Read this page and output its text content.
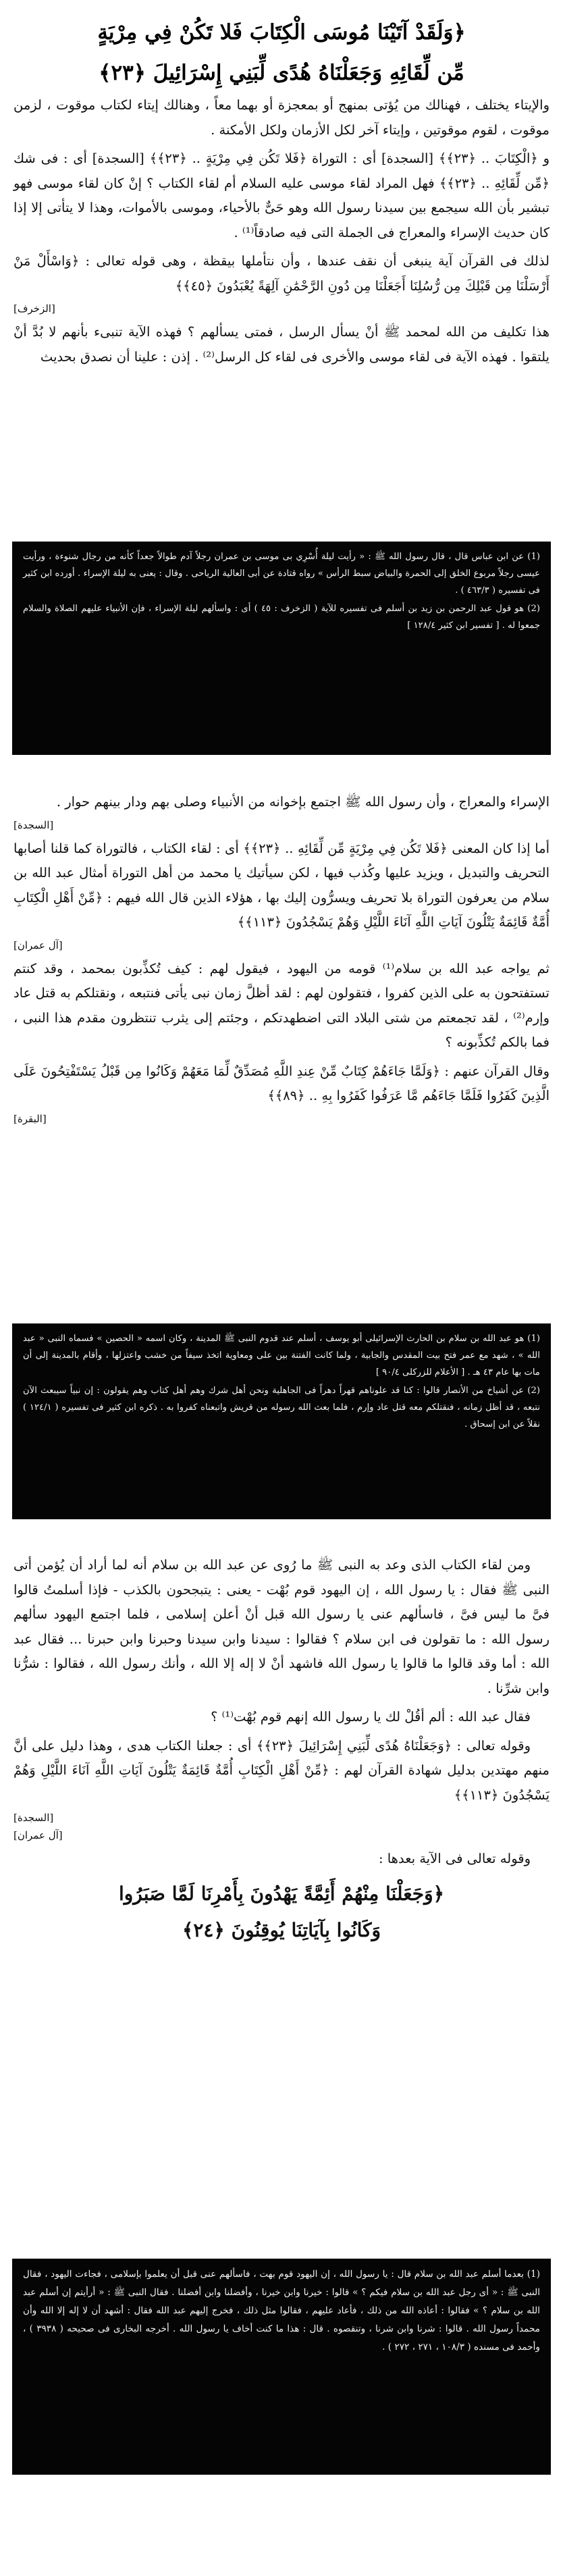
﴿وَلَقَدْ آتَيْنَا مُوسَى الْكِتَابَ فَلا تَكُنْ فِي مِرْيَةٍ
مِّن لِّقَائِهِ وَجَعَلْنَاهُ هُدًى لِّبَنِي إِسْرَائِيلَ ﴿٢٣﴾

والإيتاء يختلف ، فهنالك من يُؤتى بمنهج أو بمعجزة أو بهما معاً ، وهنالك إيتاء لكتاب موقوت ، لزمن موقوت ، لقوم موقوتين ، وإيتاء آخر لكل الأزمان ولكل الأمكنة .

و ﴿الْكِتَابَ .. ﴿٢٣﴾﴾ [السجدة] أى : التوراة ﴿فَلا تَكُن فِي مِرْيَةٍ .. ﴿٢٣﴾﴾ [السجدة] أى : فى شك ﴿مِّن لِّقَائِهِ .. ﴿٢٣﴾﴾ فهل المراد لقاء موسى عليه السلام أم لقاء الكتاب ؟ إنْ كان لقاء موسى فهو تبشير بأن الله سيجمع بين سيدنا رسول الله وهو حَىٌّ بالأحياء، وموسى بالأموات، وهذا لا يتأتى إلا إذا كان حديث الإسراء والمعراج فى الجملة التى فيه صادقاً⁽¹⁾ .

لذلك فى القرآن آية ينبغى أن نقف عندها ، وأن نتأملها بيقظة ، وهى قوله تعالى : ﴿وَاسْأَلْ مَنْ أَرْسَلْنَا مِن قَبْلِكَ مِن رُّسُلِنَا أَجَعَلْنَا مِن دُونِ الرَّحْمَٰنِ آلِهَةً يُعْبَدُونَ ﴿٤٥﴾﴾

[الزخرف]

هذا تكليف من الله لمحمد ﷺ أنْ يسأل الرسل ، فمتى يسألهم ؟ فهذه الآية تنبىء بأنهم لا بُدَّ أنْ يلتقوا . فهذه الآية فى لقاء موسى والأخرى فى لقاء كل الرسل⁽²⁾ . إذن : علينا أن نصدق بحديث

(1) عن ابن عباس قال ، قال رسول الله ﷺ : « رأيت ليلة أُسْرِي بى موسى بن عمران رجلاً آدم طوالاً جعداً كأنه من رجال شنوءة ، ورأيت عيسى رجلاً مربوع الخلق إلى الحمرة والبياض سبط الرأس » رواه قتادة عن أبى العالية الرياحى . وقال : يعنى به ليلة الإسراء . أورده ابن كثير فى تفسيره ( ٤٦٣/٣ ) .

(2) هو قول عبد الرحمن بن زيد بن أسلم فى تفسيره للآية ( الزخرف : ٤٥ ) أى : واسألهم ليلة الإسراء ، فإن الأنبياء عليهم الصلاة والسلام جمعوا له . [ تفسير ابن كثير ١٢٨/٤ ]

الإسراء والمعراج ، وأن رسول الله ﷺ اجتمع بإخوانه من الأنبياء وصلى بهم ودار بينهم حوار .

[السجدة]

أما إذا كان المعنى ﴿فَلا تَكُن فِي مِرْيَةٍ مِّن لِّقَائِهِ .. ﴿٢٣﴾﴾ أى : لقاء الكتاب ، فالتوراة كما قلنا أصابها التحريف والتبديل ، ويزيد عليها وكُذب فيها ، لكن سيأتيك يا محمد من أهل التوراة أمثال عبد الله بن سلام من يعرفون التوراة بلا تحريف ويسرُّون إليك بها ، هؤلاء الذين قال الله فيهم : ﴿مِّنْ أَهْلِ الْكِتَابِ أُمَّةٌ قَائِمَةٌ يَتْلُونَ آيَاتِ اللَّهِ آنَاءَ اللَّيْلِ وَهُمْ يَسْجُدُونَ ﴿١١٣﴾﴾

[آل عمران]

ثم يواجه عبد الله بن سلام⁽¹⁾ قومه من اليهود ، فيقول لهم : كيف تُكذِّبون بمحمد ، وقد كنتم تستفتحون به على الذين كفروا ، فتقولون لهم : لقد أظلَّ زمان نبى يأتى فنتبعه ، ونقتلكم به قتل عاد وإرم⁽²⁾ ، لقد تجمعتم من شتى البلاد التى اضطهدتكم ، وجئتم إلى يثرب تنتظرون مقدم هذا النبى ، فما بالكم تُكذِّبونه ؟

وقال القرآن عنهم : ﴿وَلَمَّا جَاءَهُمْ كِتَابٌ مِّنْ عِندِ اللَّهِ مُصَدِّقٌ لِّمَا مَعَهُمْ وَكَانُوا مِن قَبْلُ يَسْتَفْتِحُونَ عَلَى الَّذِينَ كَفَرُوا فَلَمَّا جَاءَهُم مَّا عَرَفُوا كَفَرُوا بِهِ .. ﴿٨٩﴾﴾

[البقرة]

(1) هو عبد الله بن سلام بن الحارث الإسرائيلى أبو يوسف ، أسلم عند قدوم النبى ﷺ المدينة ، وكان اسمه « الحصين » فسماه النبى « عبد الله » ، شهد مع عمر فتح بيت المقدس والجابية ، ولما كانت الفتنة بين على ومعاوية اتخذ سيفاً من خشب واعتزلها ، وأقام بالمدينة إلى أن مات بها عام ٤٣ هـ . [ الأعلام للزركلى ٩٠/٤ ]

(2) عن أشياخ من الأنصار قالوا : كنا قد علوناهم قهراً دهراً فى الجاهلية ونحن أهل شرك وهم أهل كتاب وهم يقولون : إن نبياً سيبعث الآن نتبعه ، قد أظل زمانه ، فنقتلكم معه قتل عاد وإرم ، فلما بعث الله رسوله من قريش واتبعناه كفروا به . ذكره ابن كثير فى تفسيره ( ١٢٤/١ ) نقلاً عن ابن إسحاق .

ومن لقاء الكتاب الذى وعد به النبى ﷺ ما رُوى عن عبد الله بن سلام أنه لما أراد أن يُؤمن أتى النبى ﷺ فقال : يا رسول الله ، إن اليهود قوم بُهْت - يعنى : يتبجحون بالكذب - فإذا أسلمتُ قالوا فىَّ ما ليس فىَّ ، فاسألهم عنى يا رسول الله قبل أنْ أعلن إسلامى ، فلما اجتمع اليهود سألهم رسول الله : ما تقولون فى ابن سلام ؟ فقالوا : سيدنا وابن سيدنا وحبرنا وابن حبرنا ... فقال عبد الله : أما وقد قالوا ما قالوا يا رسول الله فاشهد أنْ لا إله إلا الله ، وأنك رسول الله ، فقالوا : شرُّنا وابن شرِّنا .

فقال عبد الله : ألم أقُلْ لك يا رسول الله إنهم قوم بُهْت⁽¹⁾ ؟

وقوله تعالى : ﴿وَجَعَلْنَاهُ هُدًى لِّبَنِي إِسْرَائِيلَ ﴿٢٣﴾﴾ أى : جعلنا الكتاب هدى ، وهذا دليل على أنَّ منهم مهتدين بدليل شهادة القرآن لهم : ﴿مِّنْ أَهْلِ الْكِتَابِ أُمَّةٌ قَائِمَةٌ يَتْلُونَ آيَاتِ اللَّهِ آنَاءَ اللَّيْلِ وَهُمْ يَسْجُدُونَ ﴿١١٣﴾﴾

[السجدة]
[آل عمران]

وقوله تعالى فى الآية بعدها :

﴿وَجَعَلْنَا مِنْهُمْ أَئِمَّةً يَهْدُونَ بِأَمْرِنَا لَمَّا صَبَرُوا
وَكَانُوا بِآيَاتِنَا يُوقِنُونَ ﴿٢٤﴾

(1) بعدما أسلم عبد الله بن سلام قال : يا رسول الله ، إن اليهود قوم بهت ، فاسألهم عنى قبل أن يعلموا بإسلامى ، فجاءت اليهود ، فقال النبى ﷺ : « أى رجل عبد الله بن سلام فيكم ؟ » قالوا : خيرنا وابن خيرنا ، وأفضلنا وابن أفضلنا . فقال النبى ﷺ : « أرأيتم إن أسلم عبد الله بن سلام ؟ » فقالوا : أعاذه الله من ذلك ، فأعاد عليهم ، فقالوا مثل ذلك ، فخرج إليهم عبد الله فقال : أشهد أن لا إله إلا الله وأن محمداً رسول الله . قالوا : شرنا وابن شرنا ، وتنقصوه . قال : هذا ما كنت أخاف يا رسول الله . أخرجه البخارى فى صحيحه ( ٣٩٣٨ ) ، وأحمد فى مسنده ( ١٠٨/٣ ، ٢٧١ ، ٢٧٢ ) .
